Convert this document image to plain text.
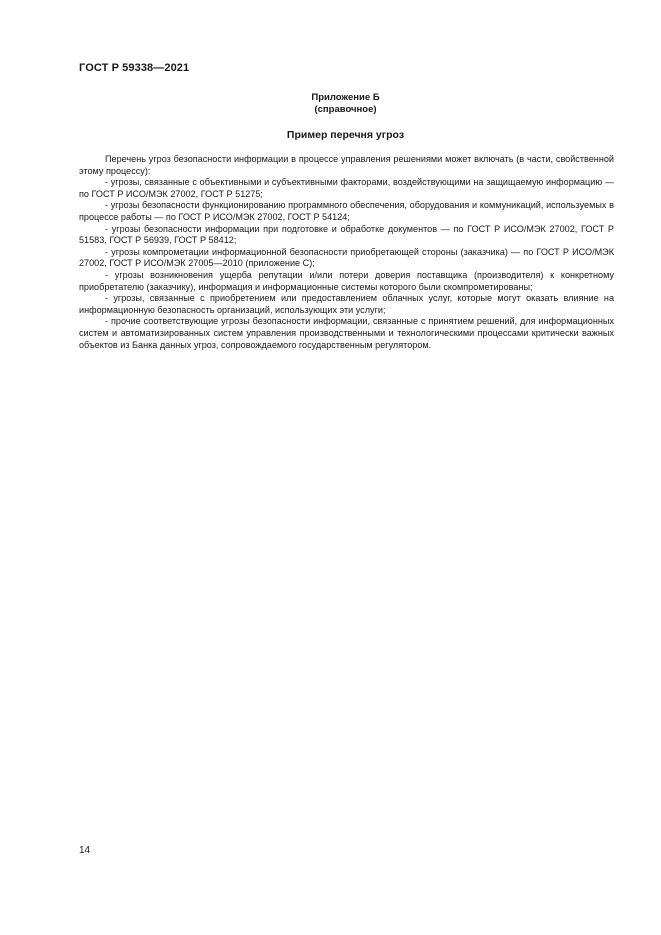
ГОСТ Р 59338—2021
Приложение Б
(справочное)
Пример перечня угроз

Перечень угроз безопасности информации в процессе управления решениями может включать (в части, свойственной этому процессу):

- угрозы, связанные с объективными и субъективными факторами, воздействующими на защищаемую информацию — по ГОСТ Р ИСО/МЭК 27002, ГОСТ Р 51275;

- угрозы безопасности функционированию программного обеспечения, оборудования и коммуникаций, используемых в процессе работы — по ГОСТ Р ИСО/МЭК 27002, ГОСТ Р 54124;

- угрозы безопасности информации при подготовке и обработке документов — по ГОСТ Р ИСО/МЭК 27002, ГОСТ Р 51583, ГОСТ Р 56939, ГОСТ Р 58412;

- угрозы компрометации информационной безопасности приобретающей стороны (заказчика) — по ГОСТ Р ИСО/МЭК 27002, ГОСТ Р ИСО/МЭК 27005—2010 (приложение С);

- угрозы возникновения ущерба репутации и/или потери доверия поставщика (производителя) к конкретному приобретателю (заказчику), информация и информационные системы которого были скомпрометированы;

- угрозы, связанные с приобретением или предоставлением облачных услуг, которые могут оказать влияние на информационную безопасность организаций, использующих эти услуги;

- прочие соответствующие угрозы безопасности информации, связанные с принятием решений, для информационных систем и автоматизированных систем управления производственными и технологическими процессами критически важных объектов из Банка данных угроз, сопровождаемого государственным регулятором.

14
